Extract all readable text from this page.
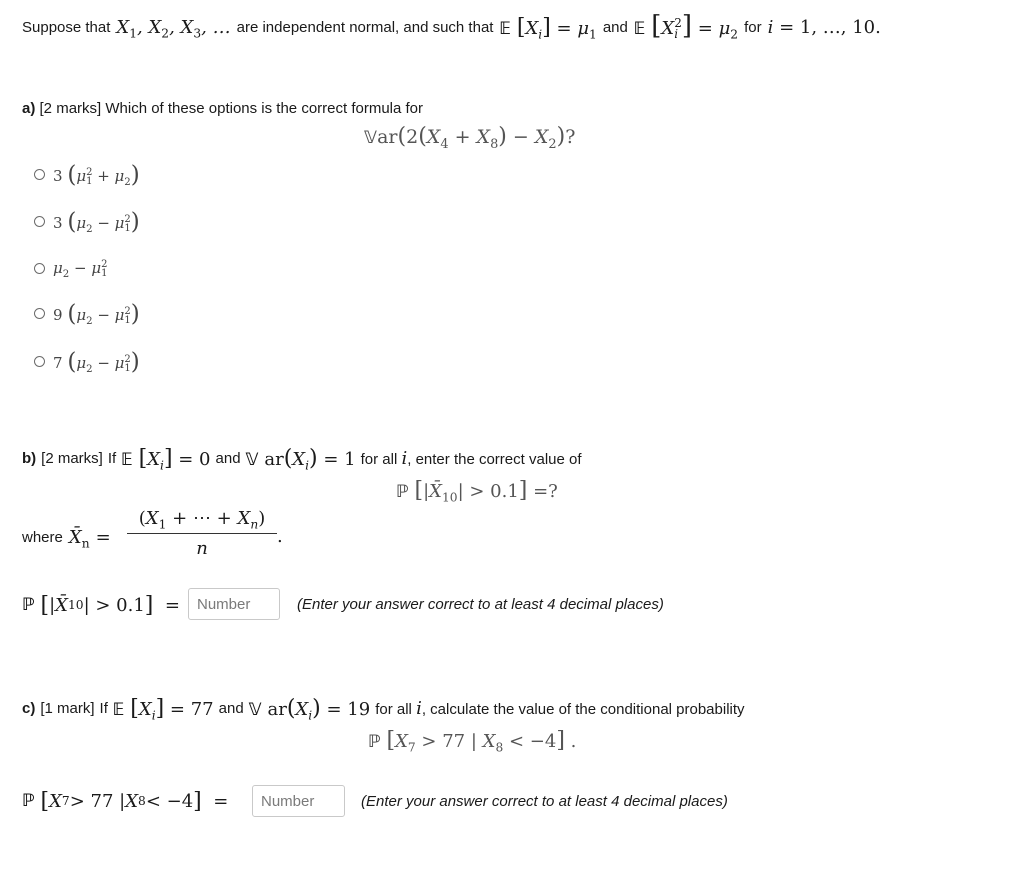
Suppose that $X_1$, $X_2$, $X_3$, … are independent normal, and such that 𝔼 $[X_i] = \mu_1$ and 𝔼 [X 2
i ] = $\mu_2$ for i = 1, …, 10.
a) [2 marks] Which of these options is the correct formula for
$𝕍ar(2(X_4 + X_8) - X_2)$?
3 (μ 2
$1 + \mu_2$)
3 ($\mu_2 - \mu$ 2
1 )
$\mu_2 - \mu$ 2
1
9 ($\mu_2 - \mu$ 2
1 )
7 ($\mu_2 - \mu$ 2
1 )
b) [2 marks] If 𝔼 $[X_i] = 0$ and 𝕍 $ar(X_i) = 1$ for all i, enter the correct value of
ℙ $[|X̄_{10}| > 0.1]$ =?
where $X̄_n = \frac{(X_1 + \cdots + X_n)}{n}$ .
ℙ
[ | X̄ 10 | > 0.1 ] =
Number	(Enter your answer correct to at least 4 decimal places)
c) [1 mark] If 𝔼 $[X_i] = 77$ and 𝕍 $ar(X_i) = 19$ for all i, calculate the value of the conditional probability
ℙ [$X_7 > 77$ | $X_8 < -4$] .
ℙ
[ X 7 > 77 | X 8 < −4 ] =
Number	(Enter your answer correct to at least 4 decimal places)
